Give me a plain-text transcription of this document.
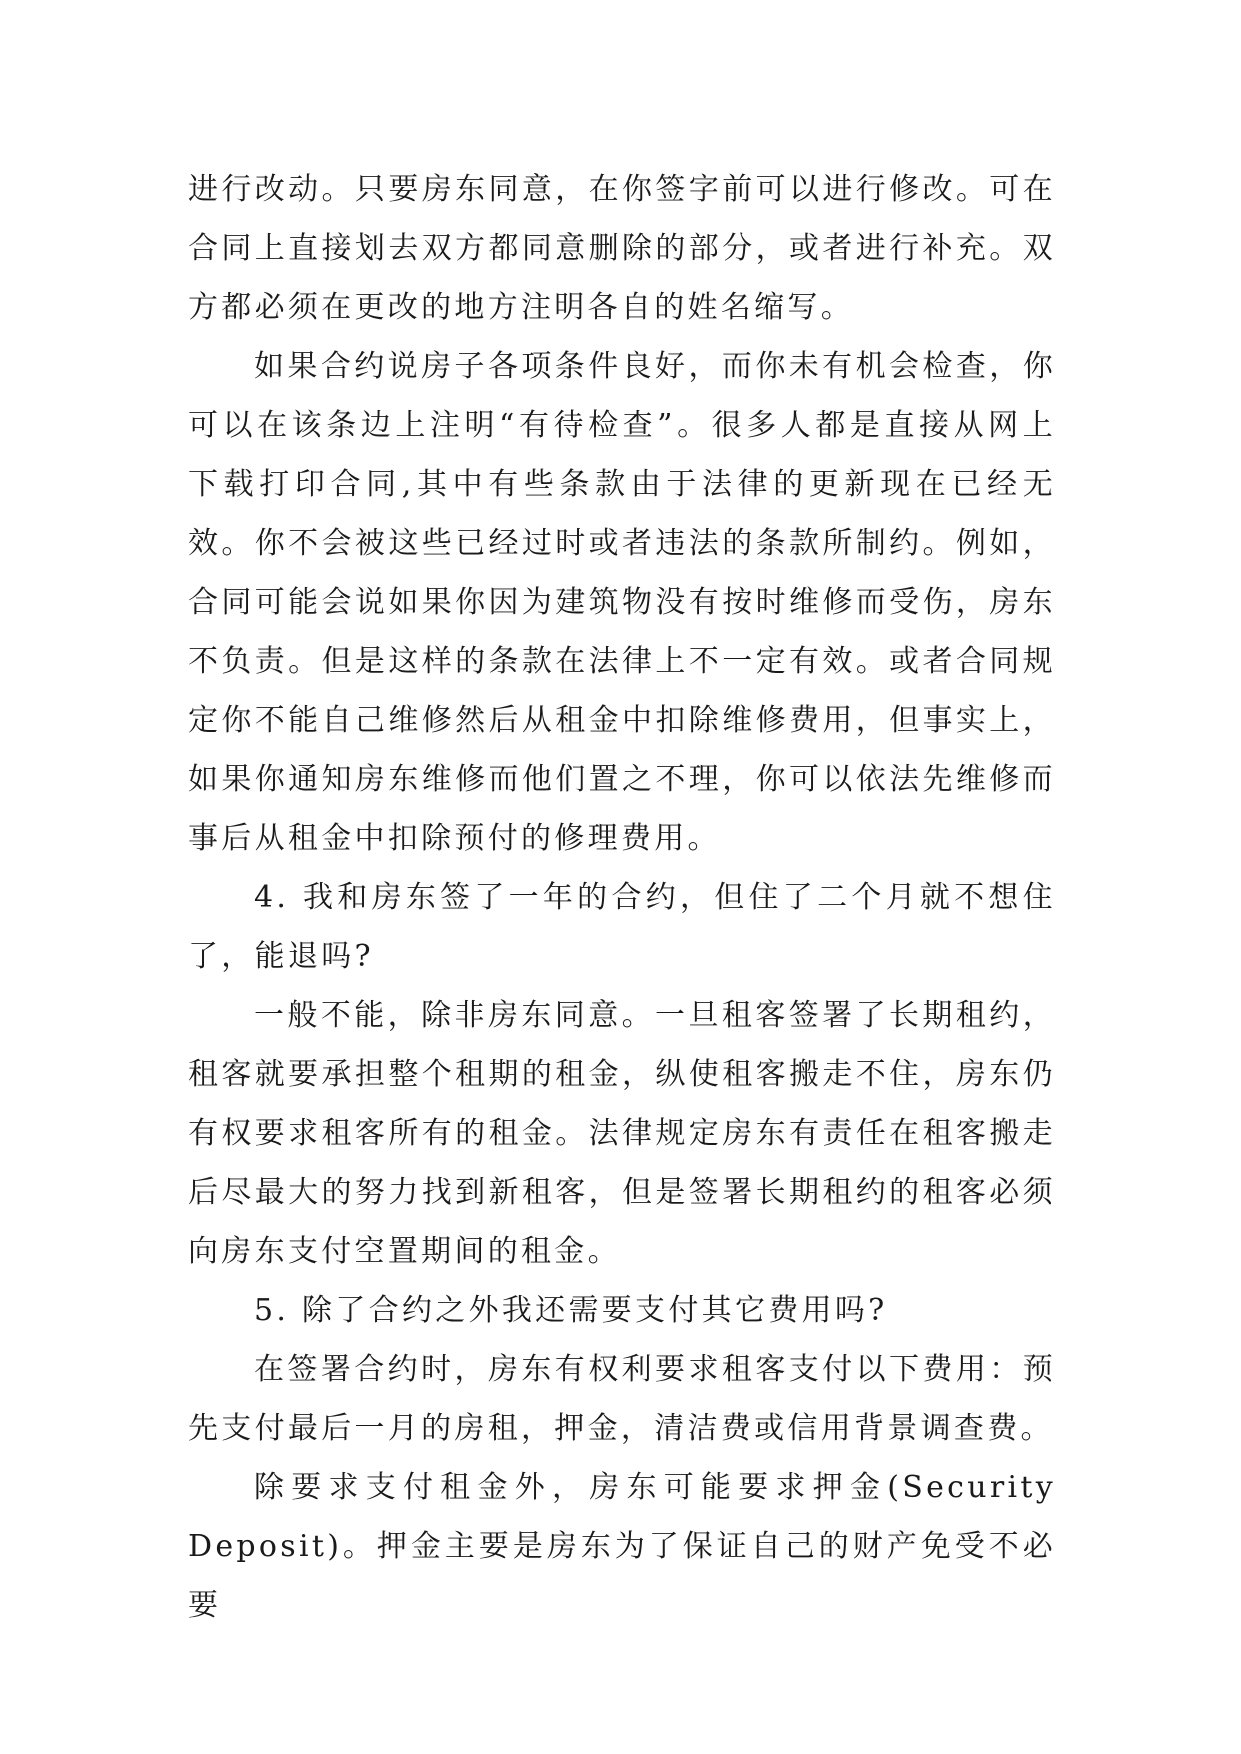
进行改动。只要房东同意，在你签字前可以进行修改。可在合同上直接划去双方都同意删除的部分，或者进行补充。双方都必须在更改的地方注明各自的姓名缩写。

如果合约说房子各项条件良好，而你未有机会检查，你可以在该条边上注明“有待检查”。很多人都是直接从网上下载打印合同,其中有些条款由于法律的更新现在已经无效。你不会被这些已经过时或者违法的条款所制约。例如，合同可能会说如果你因为建筑物没有按时维修而受伤，房东不负责。但是这样的条款在法律上不一定有效。或者合同规定你不能自己维修然后从租金中扣除维修费用，但事实上，如果你通知房东维修而他们置之不理，你可以依法先维修而事后从租金中扣除预付的修理费用。

4. 我和房东签了一年的合约，但住了二个月就不想住了，能退吗?

一般不能，除非房东同意。一旦租客签署了长期租约，租客就要承担整个租期的租金，纵使租客搬走不住，房东仍有权要求租客所有的租金。法律规定房东有责任在租客搬走后尽最大的努力找到新租客，但是签署长期租约的租客必须向房东支付空置期间的租金。

5. 除了合约之外我还需要支付其它费用吗?

在签署合约时，房东有权利要求租客支付以下费用：预先支付最后一月的房租，押金，清洁费或信用背景调查费。

除要求支付租金外，房东可能要求押金(Security Deposit)。押金主要是房东为了保证自己的财产免受不必要
